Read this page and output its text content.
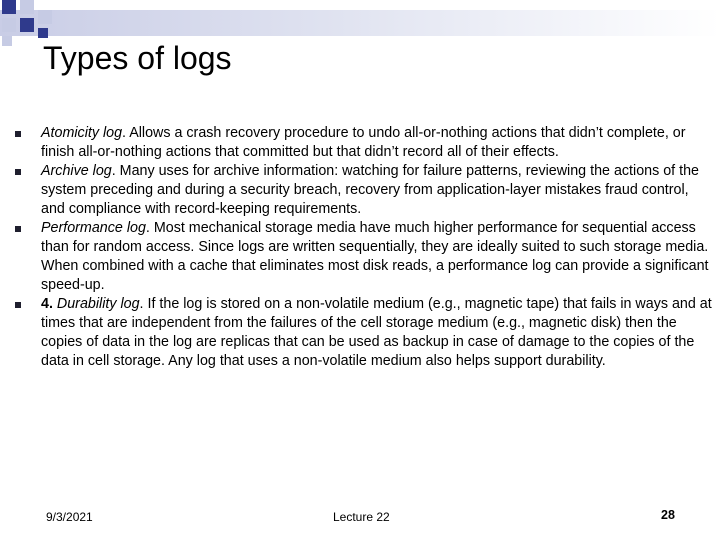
Types of logs
Atomicity log. Allows a crash recovery procedure to undo all-or-nothing actions that didn’t complete, or finish all-or-nothing actions that committed but that didn’t record all of their effects.
Archive log. Many uses for archive information: watching for failure patterns, reviewing the actions of the system preceding and during a security breach, recovery from application-layer mistakes fraud control, and compliance with record-keeping requirements.
Performance log. Most mechanical storage media have much higher performance for sequential access than for random access. Since logs are written sequentially, they are ideally suited to such storage media. When combined with a cache that eliminates most disk reads, a performance log can provide a significant speed-up.
4. Durability log. If the log is stored on a non-volatile medium (e.g., magnetic tape) that fails in ways and at times that are independent from the failures of the cell storage medium (e.g., magnetic disk) then the copies of data in the log are replicas that can be used as backup in case of damage to the copies of the data in cell storage. Any log that uses a non-volatile medium also helps support durability.
9/3/2021	Lecture 22	28
